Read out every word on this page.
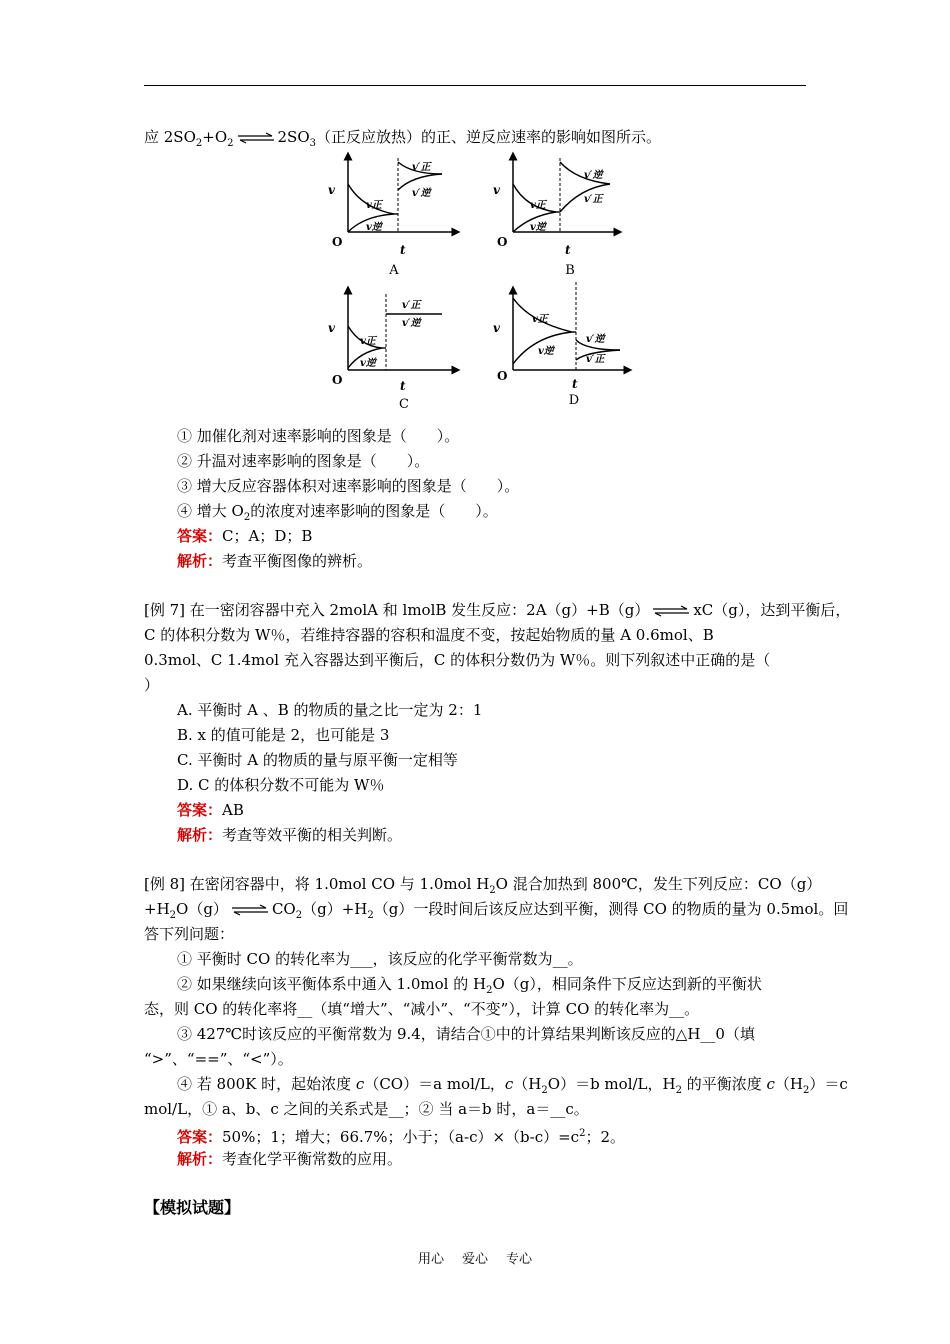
应 $2SO_2+O_2$ ⇌ $2SO_3$（正反应放热）的正、逆反应速率的影响如图所示。
v
O
t
v正
v逆
v′正
v′逆
A
v
O
t
v正
v逆
v′逆
v′正
B
v
O	t
v正
v逆
v′正
v′逆
C
v
O
t
v正
v逆
v′逆
v′正
D
① 加催化剂对速率影响的图象是（　　）。
② 升温对速率影响的图象是（　　）。
③ 增大反应容器体积对速率影响的图象是（　　）。
④ 增大 $O_2$的浓度对速率影响的图象是（　　）。
答案：C；A；D；B
解析：考查平衡图像的辨析。
[例 7] 在一密闭容器中充入 2molA 和 lmolB 发生反应：2A（g）+B（g） ⇌ xC（g），达到平衡后，
C 的体积分数为 W％，若维持容器的容积和温度不变，按起始物质的量 A 0.6mol、B
0.3mol、C 1.4mol 充入容器达到平衡后，C 的体积分数仍为 W％。则下列叙述中正确的是（
）
A. 平衡时 A 、B 的物质的量之比一定为 2：1
B. x 的值可能是 2，也可能是 3
C. 平衡时 A 的物质的量与原平衡一定相等
D. C 的体积分数不可能为 W％
答案：AB
解析：考查等效平衡的相关判断。
[例 8] 在密闭容器中，将 1.0mol CO 与 1.0mol $H_2O$ 混合加热到 800℃，发生下列反应：CO（g）
$+H_2O(g)$ ⇌ $CO_2(g)+H_2(g)$一段时间后该反应达到平衡，测得 CO 的物质的量为 0.5mol。回
答下列问题：
① 平衡时 CO 的转化率为___，该反应的化学平衡常数为__。
② 如果继续向该平衡体系中通入 1.0mol 的 $H_2O(g)$，相同条件下反应达到新的平衡状
态，则 CO 的转化率将__（填“增大”、“减小”、“不变”），计算 CO 的转化率为__。
③ 427℃时该反应的平衡常数为 9.4，请结合①中的计算结果判断该反应的△H__0（填
“>”、“==”、“<”）。
④ 若 800K 时，起始浓度 c（CO）＝a mol/L，$c(H_2O)=b$ mol/L，$H_2$ 的平衡浓度 $c(H_2)=c$
mol/L，① a、b、c 之间的关系式是__；② 当 a＝b 时，a＝__c。
答案：50%；1；增大；66.7%；小于；$(a-c)\times(b-c)=c^2$；2。
解析：考查化学平衡常数的应用。
【模拟试题】
用心 爱心 专心
